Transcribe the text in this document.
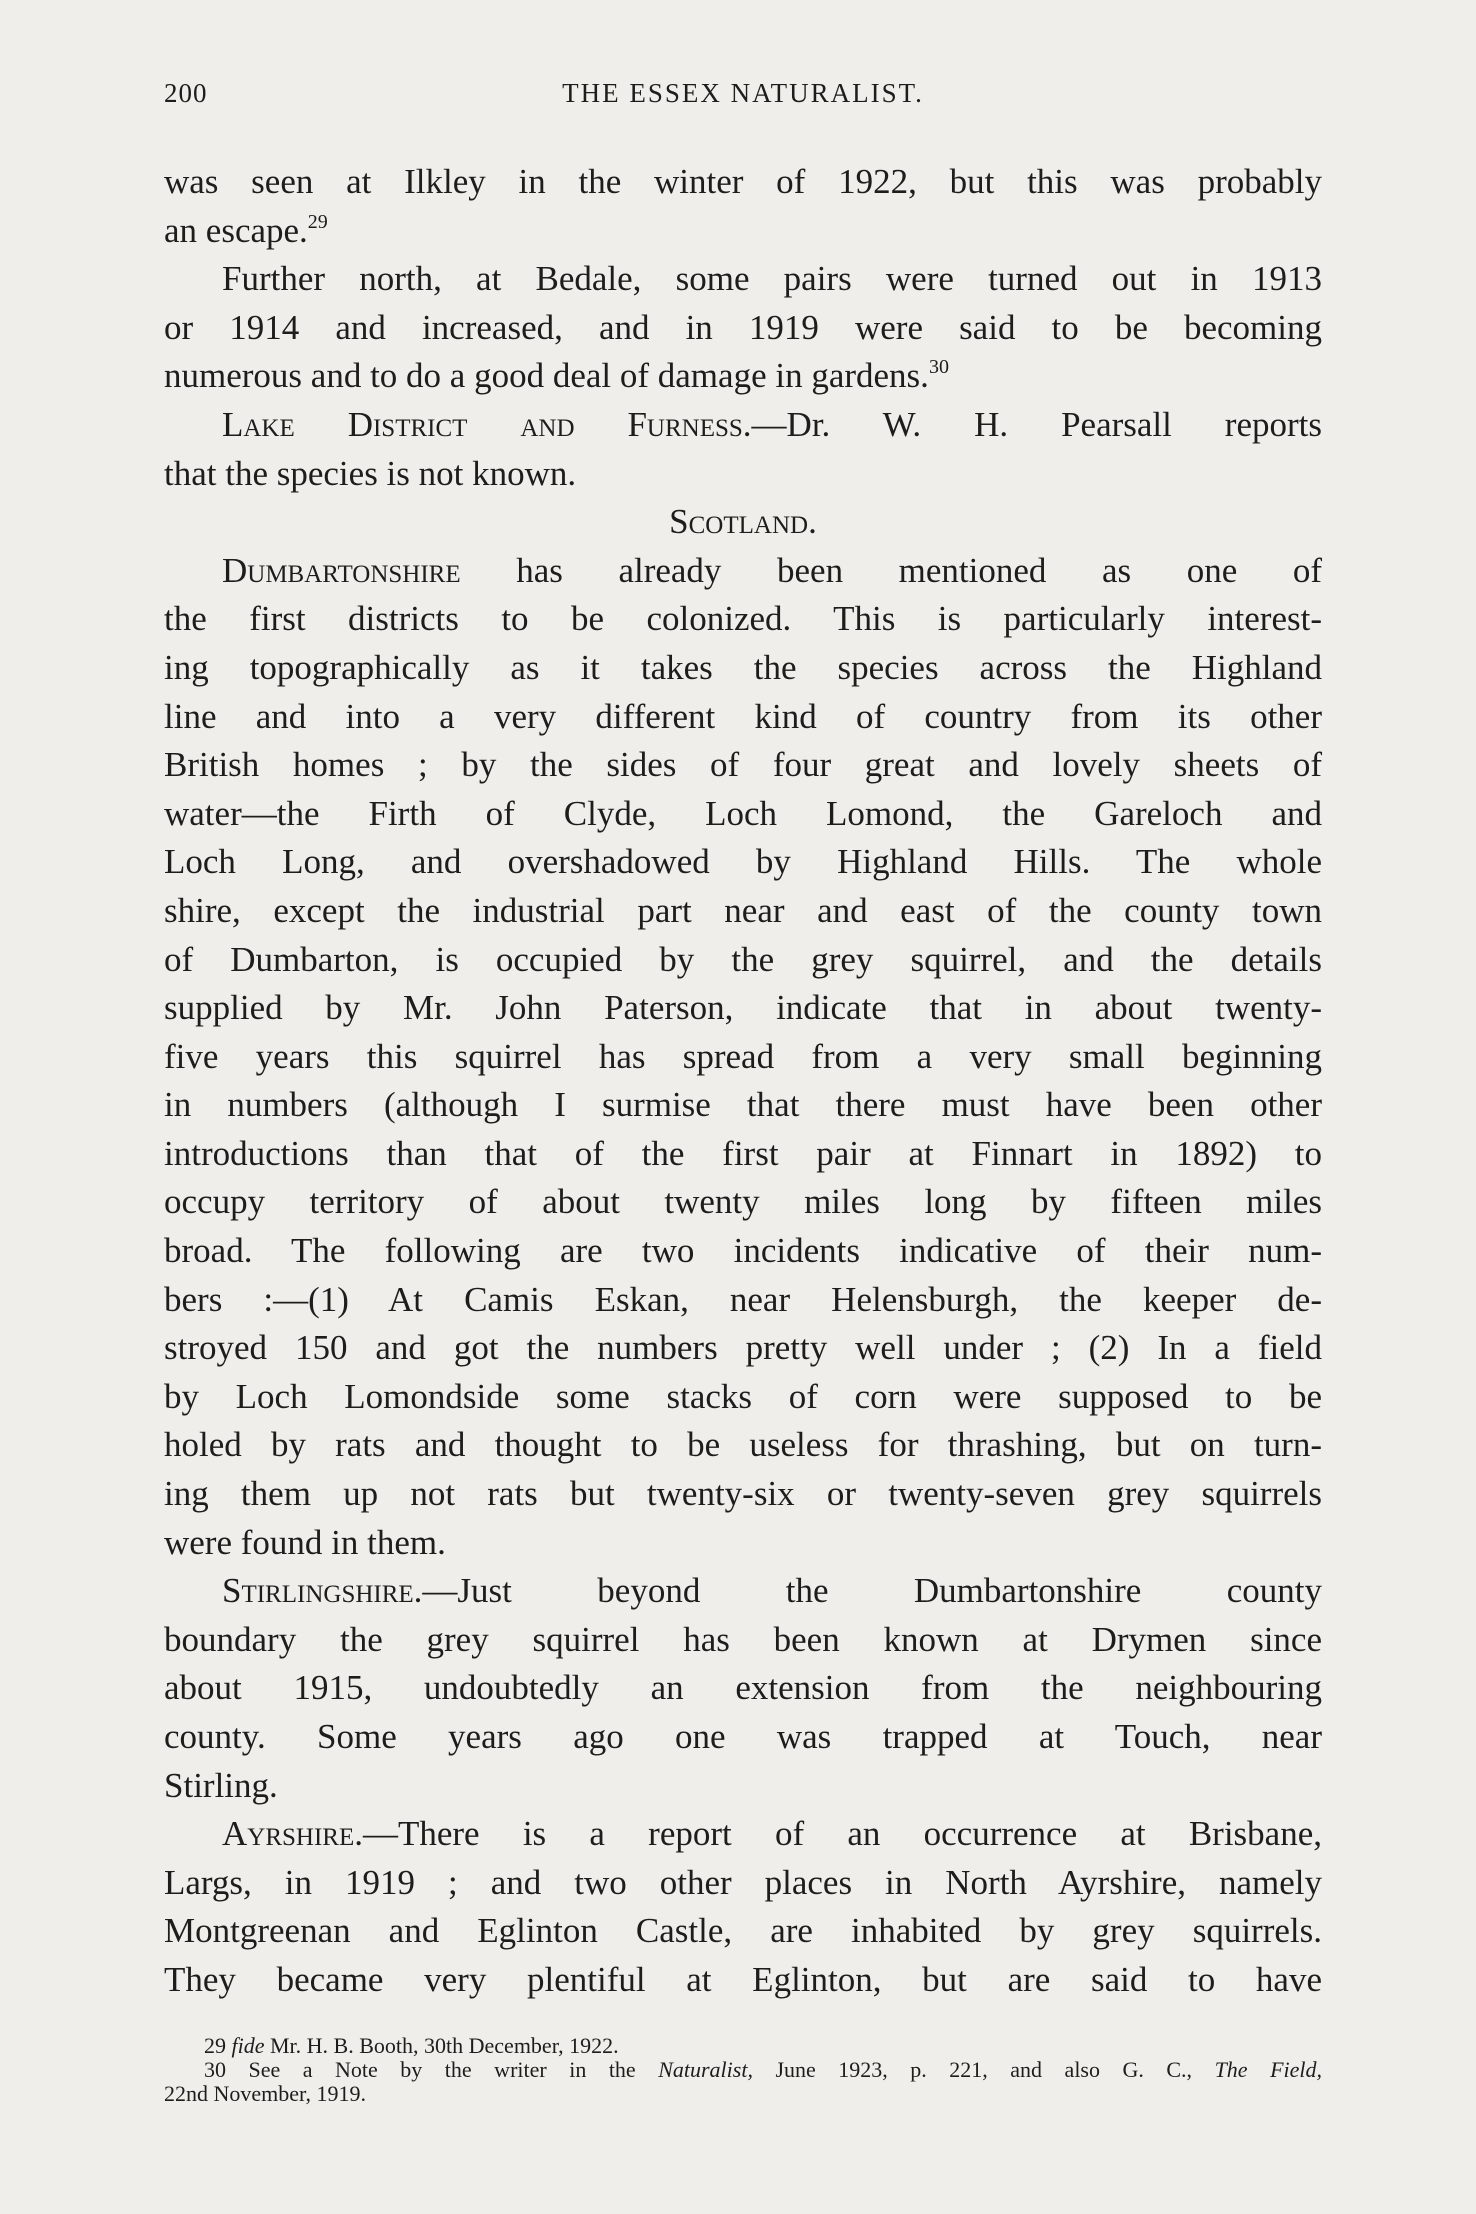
200	THE ESSEX NATURALIST.
was seen at Ilkley in the winter of 1922, but this was probably
an escape.$^{29}$
Further north, at Bedale, some pairs were turned out in 1913
or 1914 and increased, and in 1919 were said to be becoming
numerous and to do a good deal of damage in gardens.$^{30}$
Lake District and Furness.—Dr. W. H. Pearsall reports
that the species is not known.
Scotland.
Dumbartonshire has already been mentioned as one of
the first districts to be colonized. This is particularly interest-
ing topographically as it takes the species across the Highland
line and into a very different kind of country from its other
British homes ; by the sides of four great and lovely sheets of
water—the Firth of Clyde, Loch Lomond, the Gareloch and
Loch Long, and overshadowed by Highland Hills. The whole
shire, except the industrial part near and east of the county town
of Dumbarton, is occupied by the grey squirrel, and the details
supplied by Mr. John Paterson, indicate that in about twenty-
five years this squirrel has spread from a very small beginning
in numbers (although I surmise that there must have been other
introductions than that of the first pair at Finnart in 1892) to
occupy territory of about twenty miles long by fifteen miles
broad. The following are two incidents indicative of their num-
bers :—(1) At Camis Eskan, near Helensburgh, the keeper de-
stroyed 150 and got the numbers pretty well under ; (2) In a field
by Loch Lomondside some stacks of corn were supposed to be
holed by rats and thought to be useless for thrashing, but on turn-
ing them up not rats but twenty-six or twenty-seven grey squirrels
were found in them.
Stirlingshire.—Just beyond the Dumbartonshire county
boundary the grey squirrel has been known at Drymen since
about 1915, undoubtedly an extension from the neighbouring
county. Some years ago one was trapped at Touch, near
Stirling.
Ayrshire.—There is a report of an occurrence at Brisbane,
Largs, in 1919 ; and two other places in North Ayrshire, namely
Montgreenan and Eglinton Castle, are inhabited by grey squirrels.
They became very plentiful at Eglinton, but are said to have
29 fide Mr. H. B. Booth, 30th December, 1922.
30 See a Note by the writer in the Naturalist, June 1923, p. 221, and also G. C., The Field,
22nd November, 1919.
